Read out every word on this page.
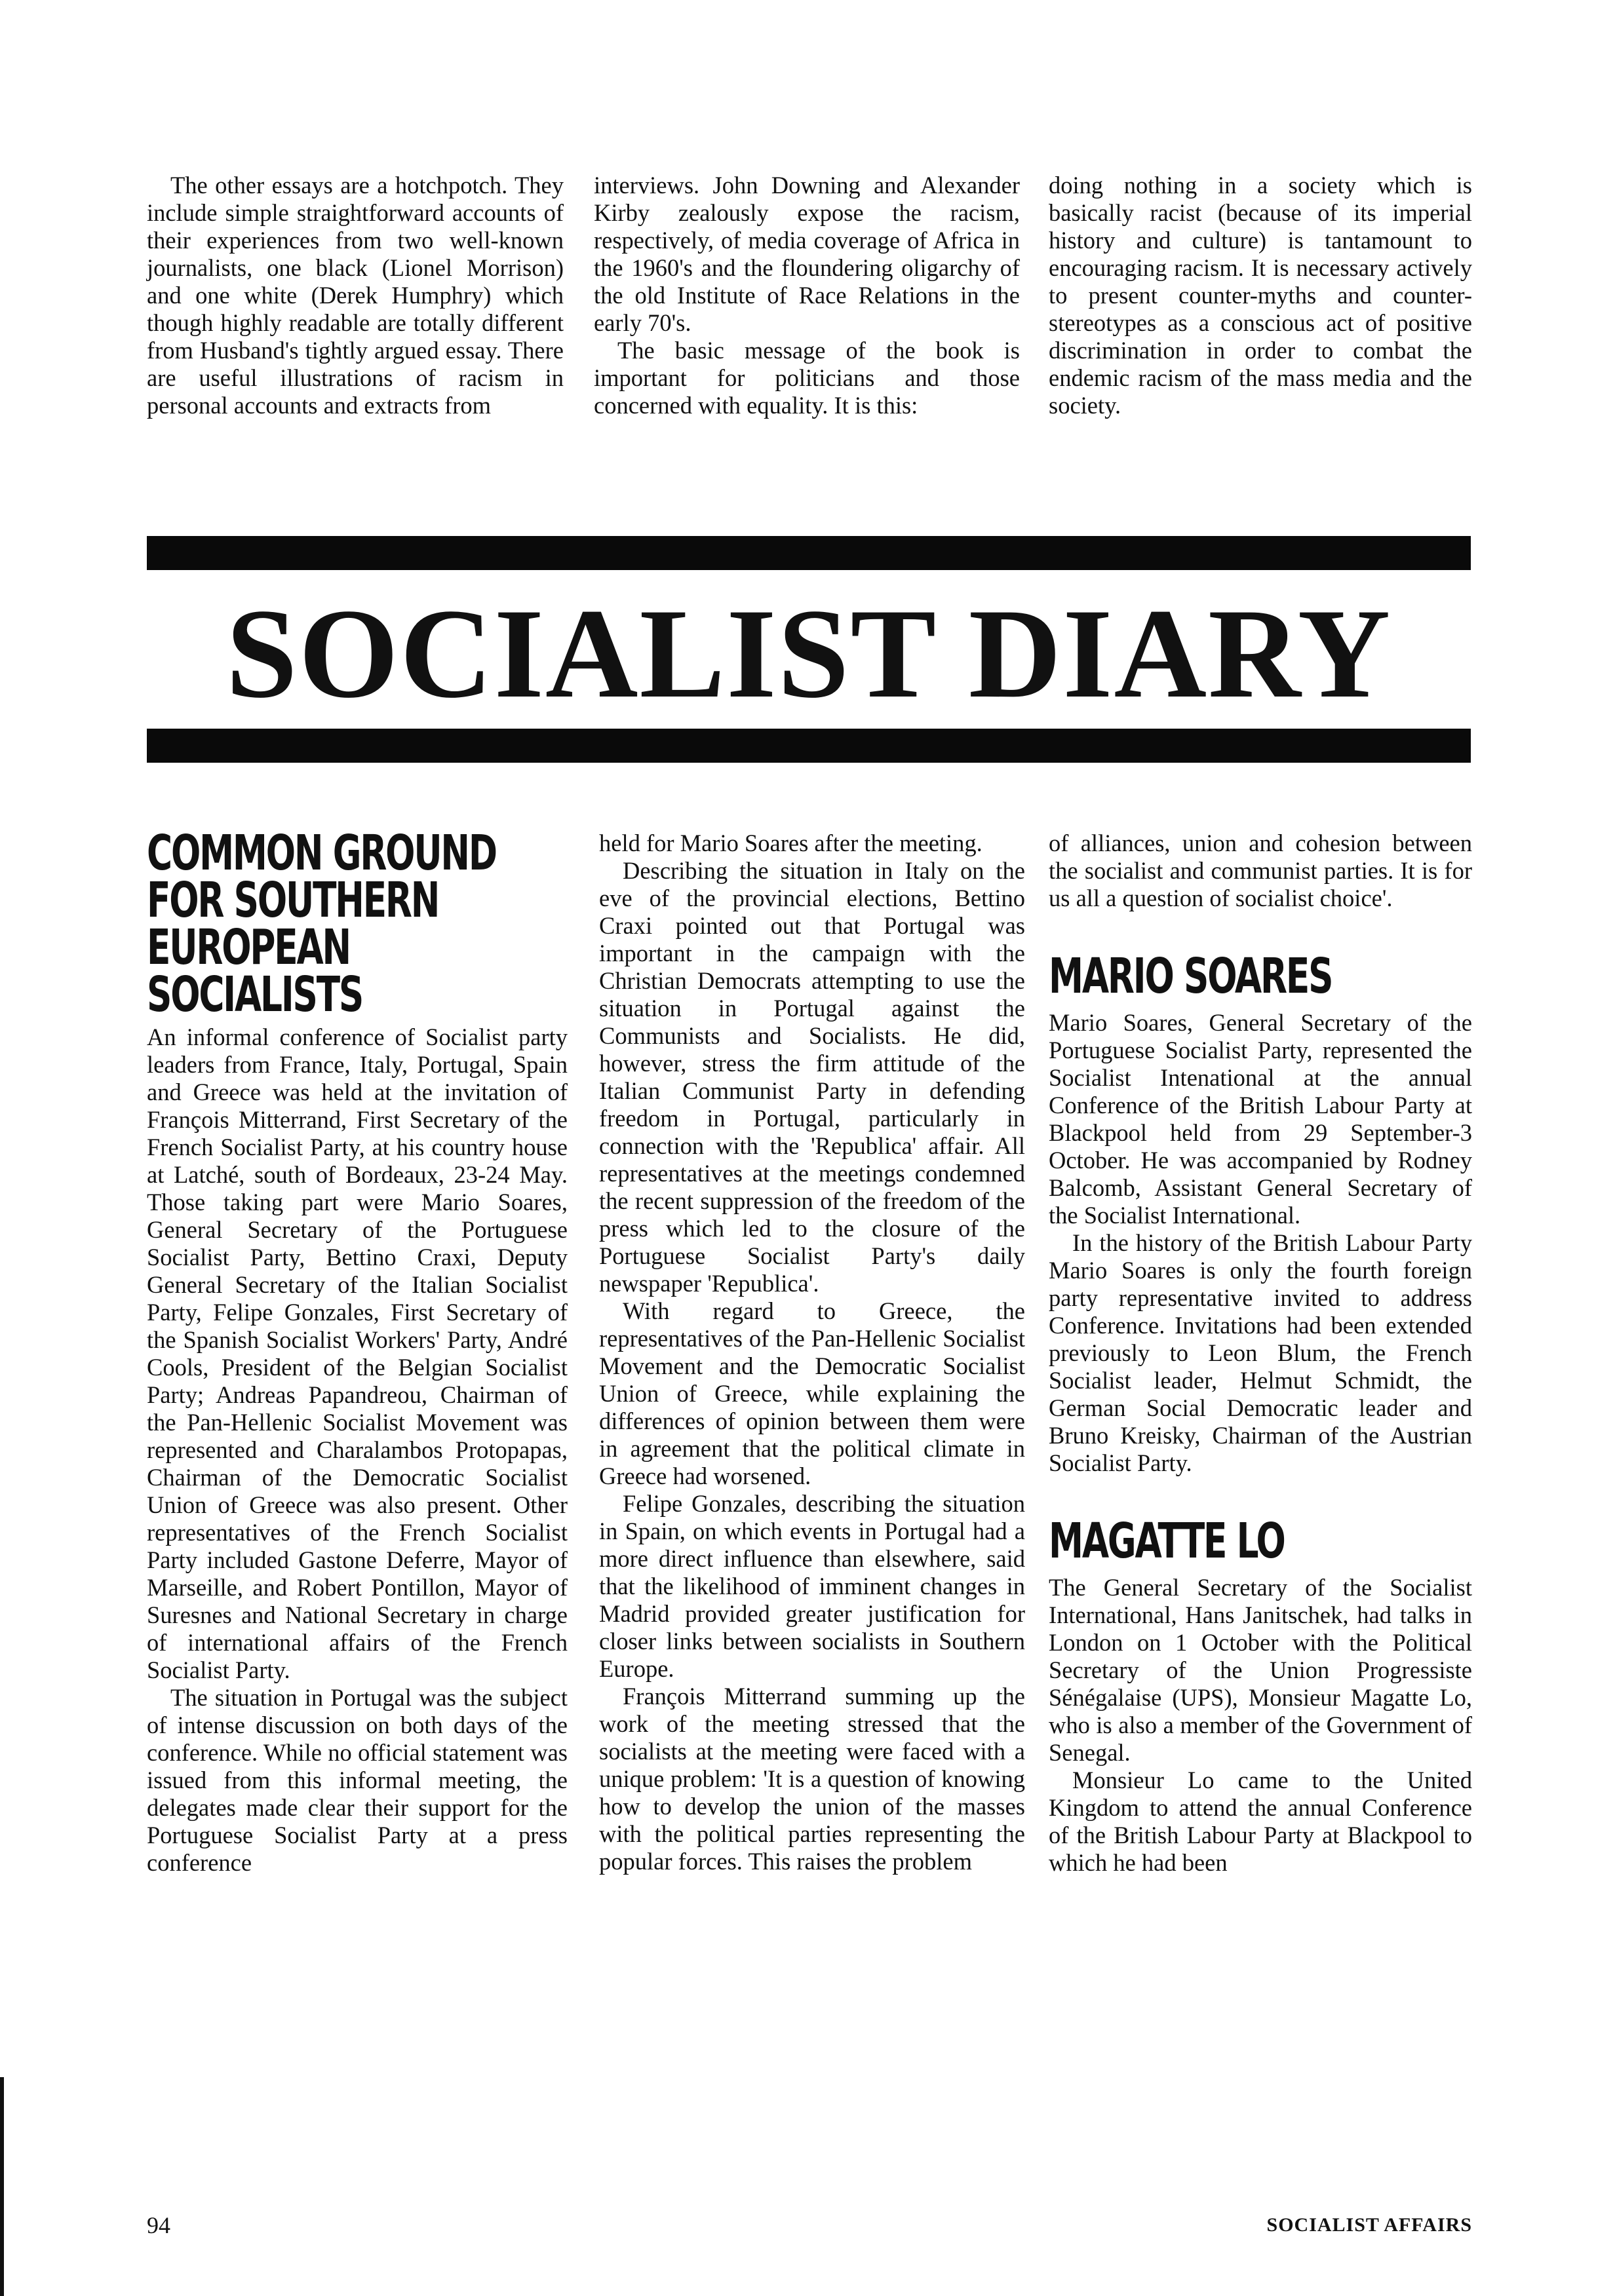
The other essays are a hotchpotch. They include simple straightforward accounts of their experiences from two well-known journalists, one black (Lionel Morrison) and one white (Derek Humphry) which though highly readable are totally different from Husband's tightly argued essay. There are useful illustrations of racism in personal accounts and extracts from

interviews. John Downing and Alexander Kirby zealously expose the racism, respectively, of media coverage of Africa in the 1960's and the floundering oligarchy of the old Institute of Race Relations in the early 70's.

The basic message of the book is important for politicians and those concerned with equality. It is this:

doing nothing in a society which is basically racist (because of its imperial history and culture) is tantamount to encouraging racism. It is necessary actively to present counter-myths and counter-stereotypes as a conscious act of positive discrimination in order to combat the endemic racism of the mass media and the society.

SOCIALIST DIARY
COMMON GROUND
FOR SOUTHERN
EUROPEAN
SOCIALISTS

An informal conference of Socialist party leaders from France, Italy, Portugal, Spain and Greece was held at the invitation of François Mitterrand, First Secretary of the French Socialist Party, at his country house at Latché, south of Bordeaux, 23-24 May. Those taking part were Mario Soares, General Secretary of the Portuguese Socialist Party, Bettino Craxi, Deputy General Secretary of the Italian Socialist Party, Felipe Gonzales, First Secretary of the Spanish Socialist Workers' Party, André Cools, President of the Belgian Socialist Party; Andreas Papandreou, Chairman of the Pan-Hellenic Socialist Movement was represented and Charalambos Protopapas, Chairman of the Democratic Socialist Union of Greece was also present. Other representatives of the French Socialist Party included Gastone Deferre, Mayor of Marseille, and Robert Pontillon, Mayor of Suresnes and National Secretary in charge of international affairs of the French Socialist Party.

The situation in Portugal was the subject of intense discussion on both days of the conference. While no official statement was issued from this informal meeting, the delegates made clear their support for the Portuguese Socialist Party at a press conference

held for Mario Soares after the meeting.

Describing the situation in Italy on the eve of the provincial elections, Bettino Craxi pointed out that Portugal was important in the campaign with the Christian Democrats attempting to use the situation in Portugal against the Communists and Socialists. He did, however, stress the firm attitude of the Italian Communist Party in defending freedom in Portugal, particularly in connection with the 'Republica' affair. All representatives at the meetings condemned the recent suppression of the freedom of the press which led to the closure of the Portuguese Socialist Party's daily newspaper 'Republica'.

With regard to Greece, the representatives of the Pan-Hellenic Socialist Movement and the Democratic Socialist Union of Greece, while explaining the differences of opinion between them were in agreement that the political climate in Greece had worsened.

Felipe Gonzales, describing the situation in Spain, on which events in Portugal had a more direct influence than elsewhere, said that the likelihood of imminent changes in Madrid provided greater justification for closer links between socialists in Southern Europe.

François Mitterrand summing up the work of the meeting stressed that the socialists at the meeting were faced with a unique problem: 'It is a question of knowing how to develop the union of the masses with the political parties representing the popular forces. This raises the problem

of alliances, union and cohesion between the socialist and communist parties. It is for us all a question of socialist choice'.

MARIO SOARES

Mario Soares, General Secretary of the Portuguese Socialist Party, represented the Socialist Intenational at the annual Conference of the British Labour Party at Blackpool held from 29 September-3 October. He was accompanied by Rodney Balcomb, Assistant General Secretary of the Socialist International.

In the history of the British Labour Party Mario Soares is only the fourth foreign party representative invited to address Conference. Invitations had been extended previously to Leon Blum, the French Socialist leader, Helmut Schmidt, the German Social Democratic leader and Bruno Kreisky, Chairman of the Austrian Socialist Party.

MAGATTE LO

The General Secretary of the Socialist International, Hans Janitschek, had talks in London on 1 October with the Political Secretary of the Union Progressiste Sénégalaise (UPS), Monsieur Magatte Lo, who is also a member of the Government of Senegal.

Monsieur Lo came to the United Kingdom to attend the annual Conference of the British Labour Party at Blackpool to which he had been

94	SOCIALIST AFFAIRS
